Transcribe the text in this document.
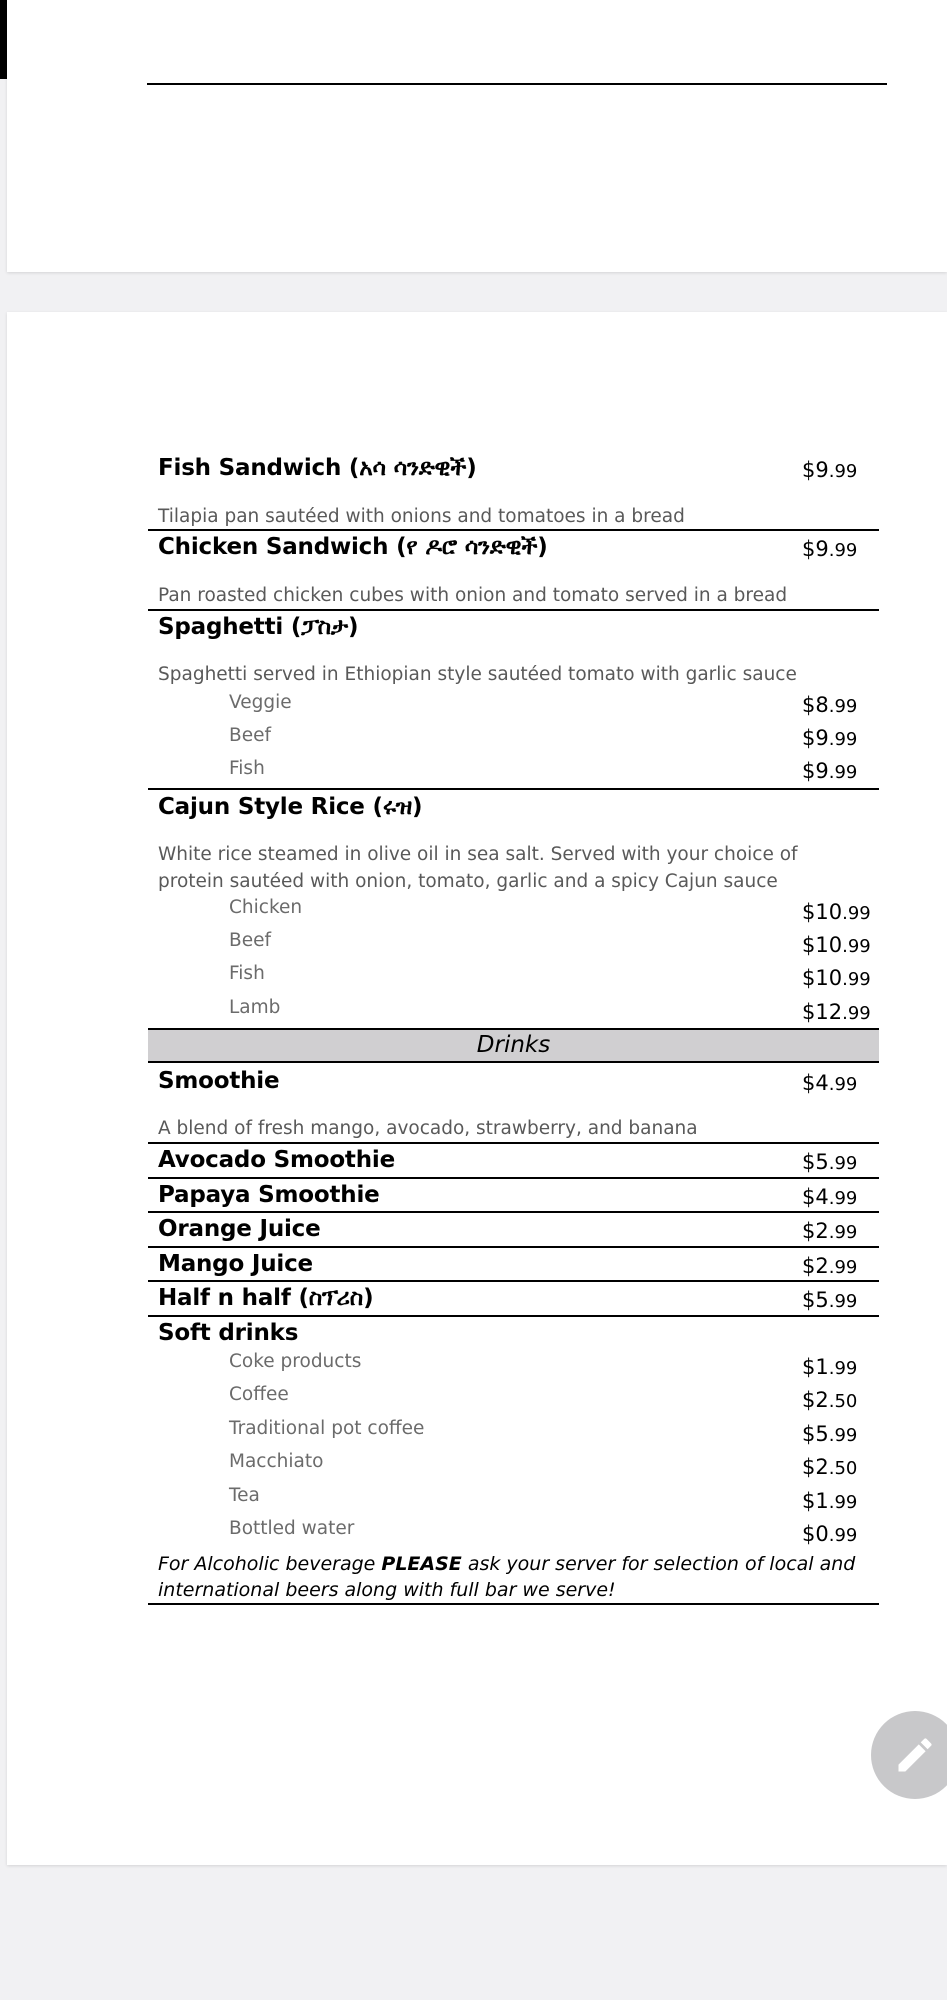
Fish Sandwich (አሳ ሳንድዊች)	$9.99
Tilapia pan sautéed with onions and tomatoes in a bread
Chicken Sandwich (የ ዶሮ ሳንድዊች)	$9.99
Pan roasted chicken cubes with onion and tomato served in a bread
Spaghetti (ፓስታ)
Spaghetti served in Ethiopian style sautéed tomato with garlic sauce
Veggie	$8.99
Beef	$9.99
Fish	$9.99
Cajun Style Rice (ሩዝ)
White rice steamed in olive oil in sea salt. Served with your choice of
protein sautéed with onion, tomato, garlic and a spicy Cajun sauce
Chicken	$10.99
Beef	$10.99
Fish	$10.99
Lamb	$12.99
Drinks
Smoothie	$4.99
A blend of fresh mango, avocado, strawberry, and banana
Avocado Smoothie	$5.99
Papaya Smoothie	$4.99
Orange Juice	$2.99
Mango Juice	$2.99
Half n half (ስፕሪስ)	$5.99
Soft drinks
Coke products	$1.99
Coffee	$2.50
Traditional pot coffee	$5.99
Macchiato	$2.50
Tea	$1.99
Bottled water	$0.99
For Alcoholic beverage PLEASE ask your server for selection of local and
international beers along with full bar we serve!
